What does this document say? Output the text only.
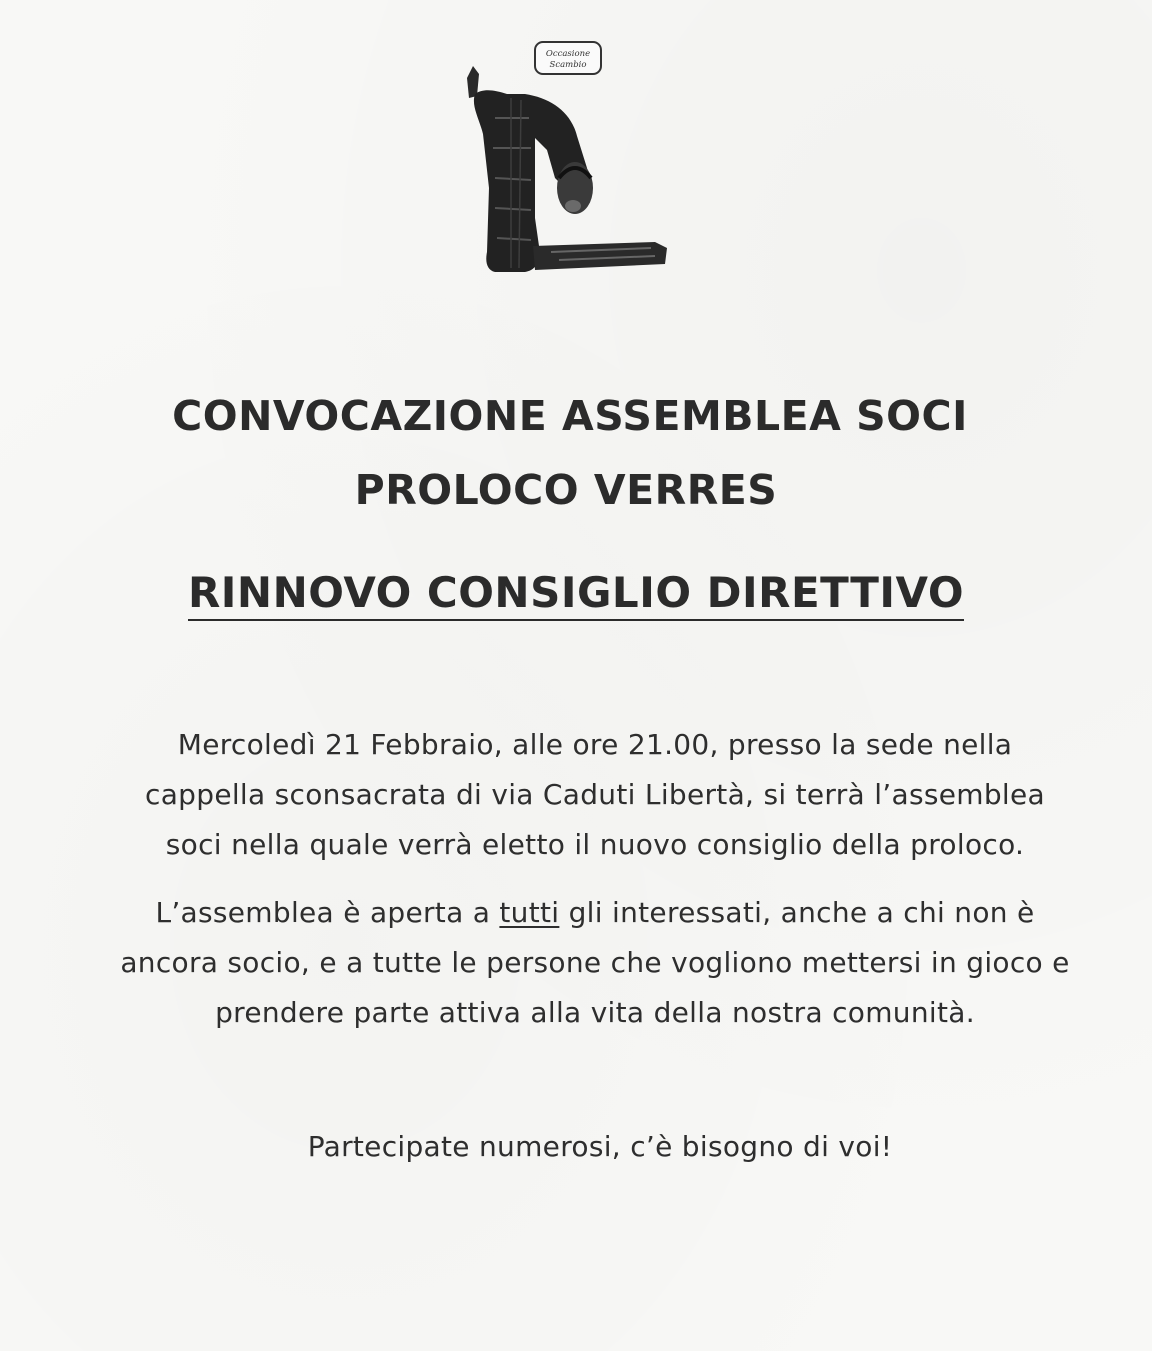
Occasione
Scambio
CONVOCAZIONE ASSEMBLEA SOCI
PROLOCO VERRES
RINNOVO CONSIGLIO DIRETTIVO

Mercoledì 21 Febbraio, alle ore 21.00, presso la sede nella
cappella sconsacrata di via Caduti Libertà, si terrà l’assemblea
soci nella quale verrà eletto il nuovo consiglio della proloco.

L’assemblea è aperta a tutti gli interessati, anche a chi non è
ancora socio, e a tutte le persone che vogliono mettersi in gioco e
prendere parte attiva alla vita della nostra comunità.

Partecipate numerosi, c’è bisogno di voi!
